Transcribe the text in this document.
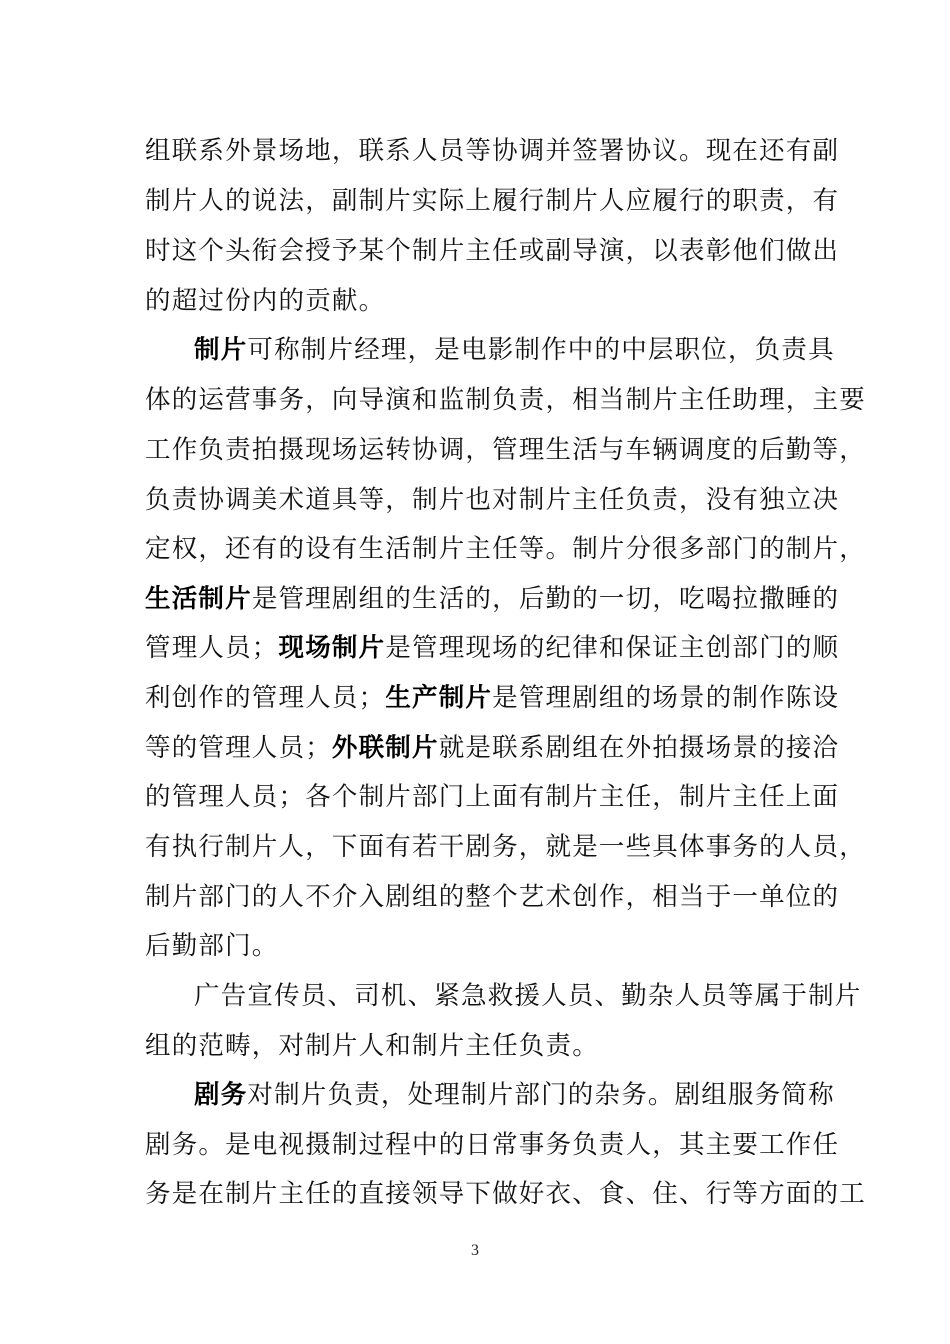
组联系外景场地，联系人员等协调并签署协议。现在还有副
制片人的说法，副制片实际上履行制片人应履行的职责，有
时这个头衔会授予某个制片主任或副导演，以表彰他们做出
的超过份内的贡献。
制片可称制片经理，是电影制作中的中层职位，负责具
体的运营事务，向导演和监制负责，相当制片主任助理，主要
工作负责拍摄现场运转协调，管理生活与车辆调度的后勤等，
负责协调美术道具等，制片也对制片主任负责，没有独立决
定权，还有的设有生活制片主任等。制片分很多部门的制片，
生活制片是管理剧组的生活的，后勤的一切，吃喝拉撒睡的
管理人员；现场制片是管理现场的纪律和保证主创部门的顺
利创作的管理人员；生产制片是管理剧组的场景的制作陈设
等的管理人员；外联制片就是联系剧组在外拍摄场景的接洽
的管理人员；各个制片部门上面有制片主任，制片主任上面
有执行制片人，下面有若干剧务，就是一些具体事务的人员，
制片部门的人不介入剧组的整个艺术创作，相当于一单位的
后勤部门。
广告宣传员、司机、紧急救援人员、勤杂人员等属于制片
组的范畴，对制片人和制片主任负责。
剧务对制片负责，处理制片部门的杂务。剧组服务简称
剧务。是电视摄制过程中的日常事务负责人，其主要工作任
务是在制片主任的直接领导下做好衣、食、住、行等方面的工
3
